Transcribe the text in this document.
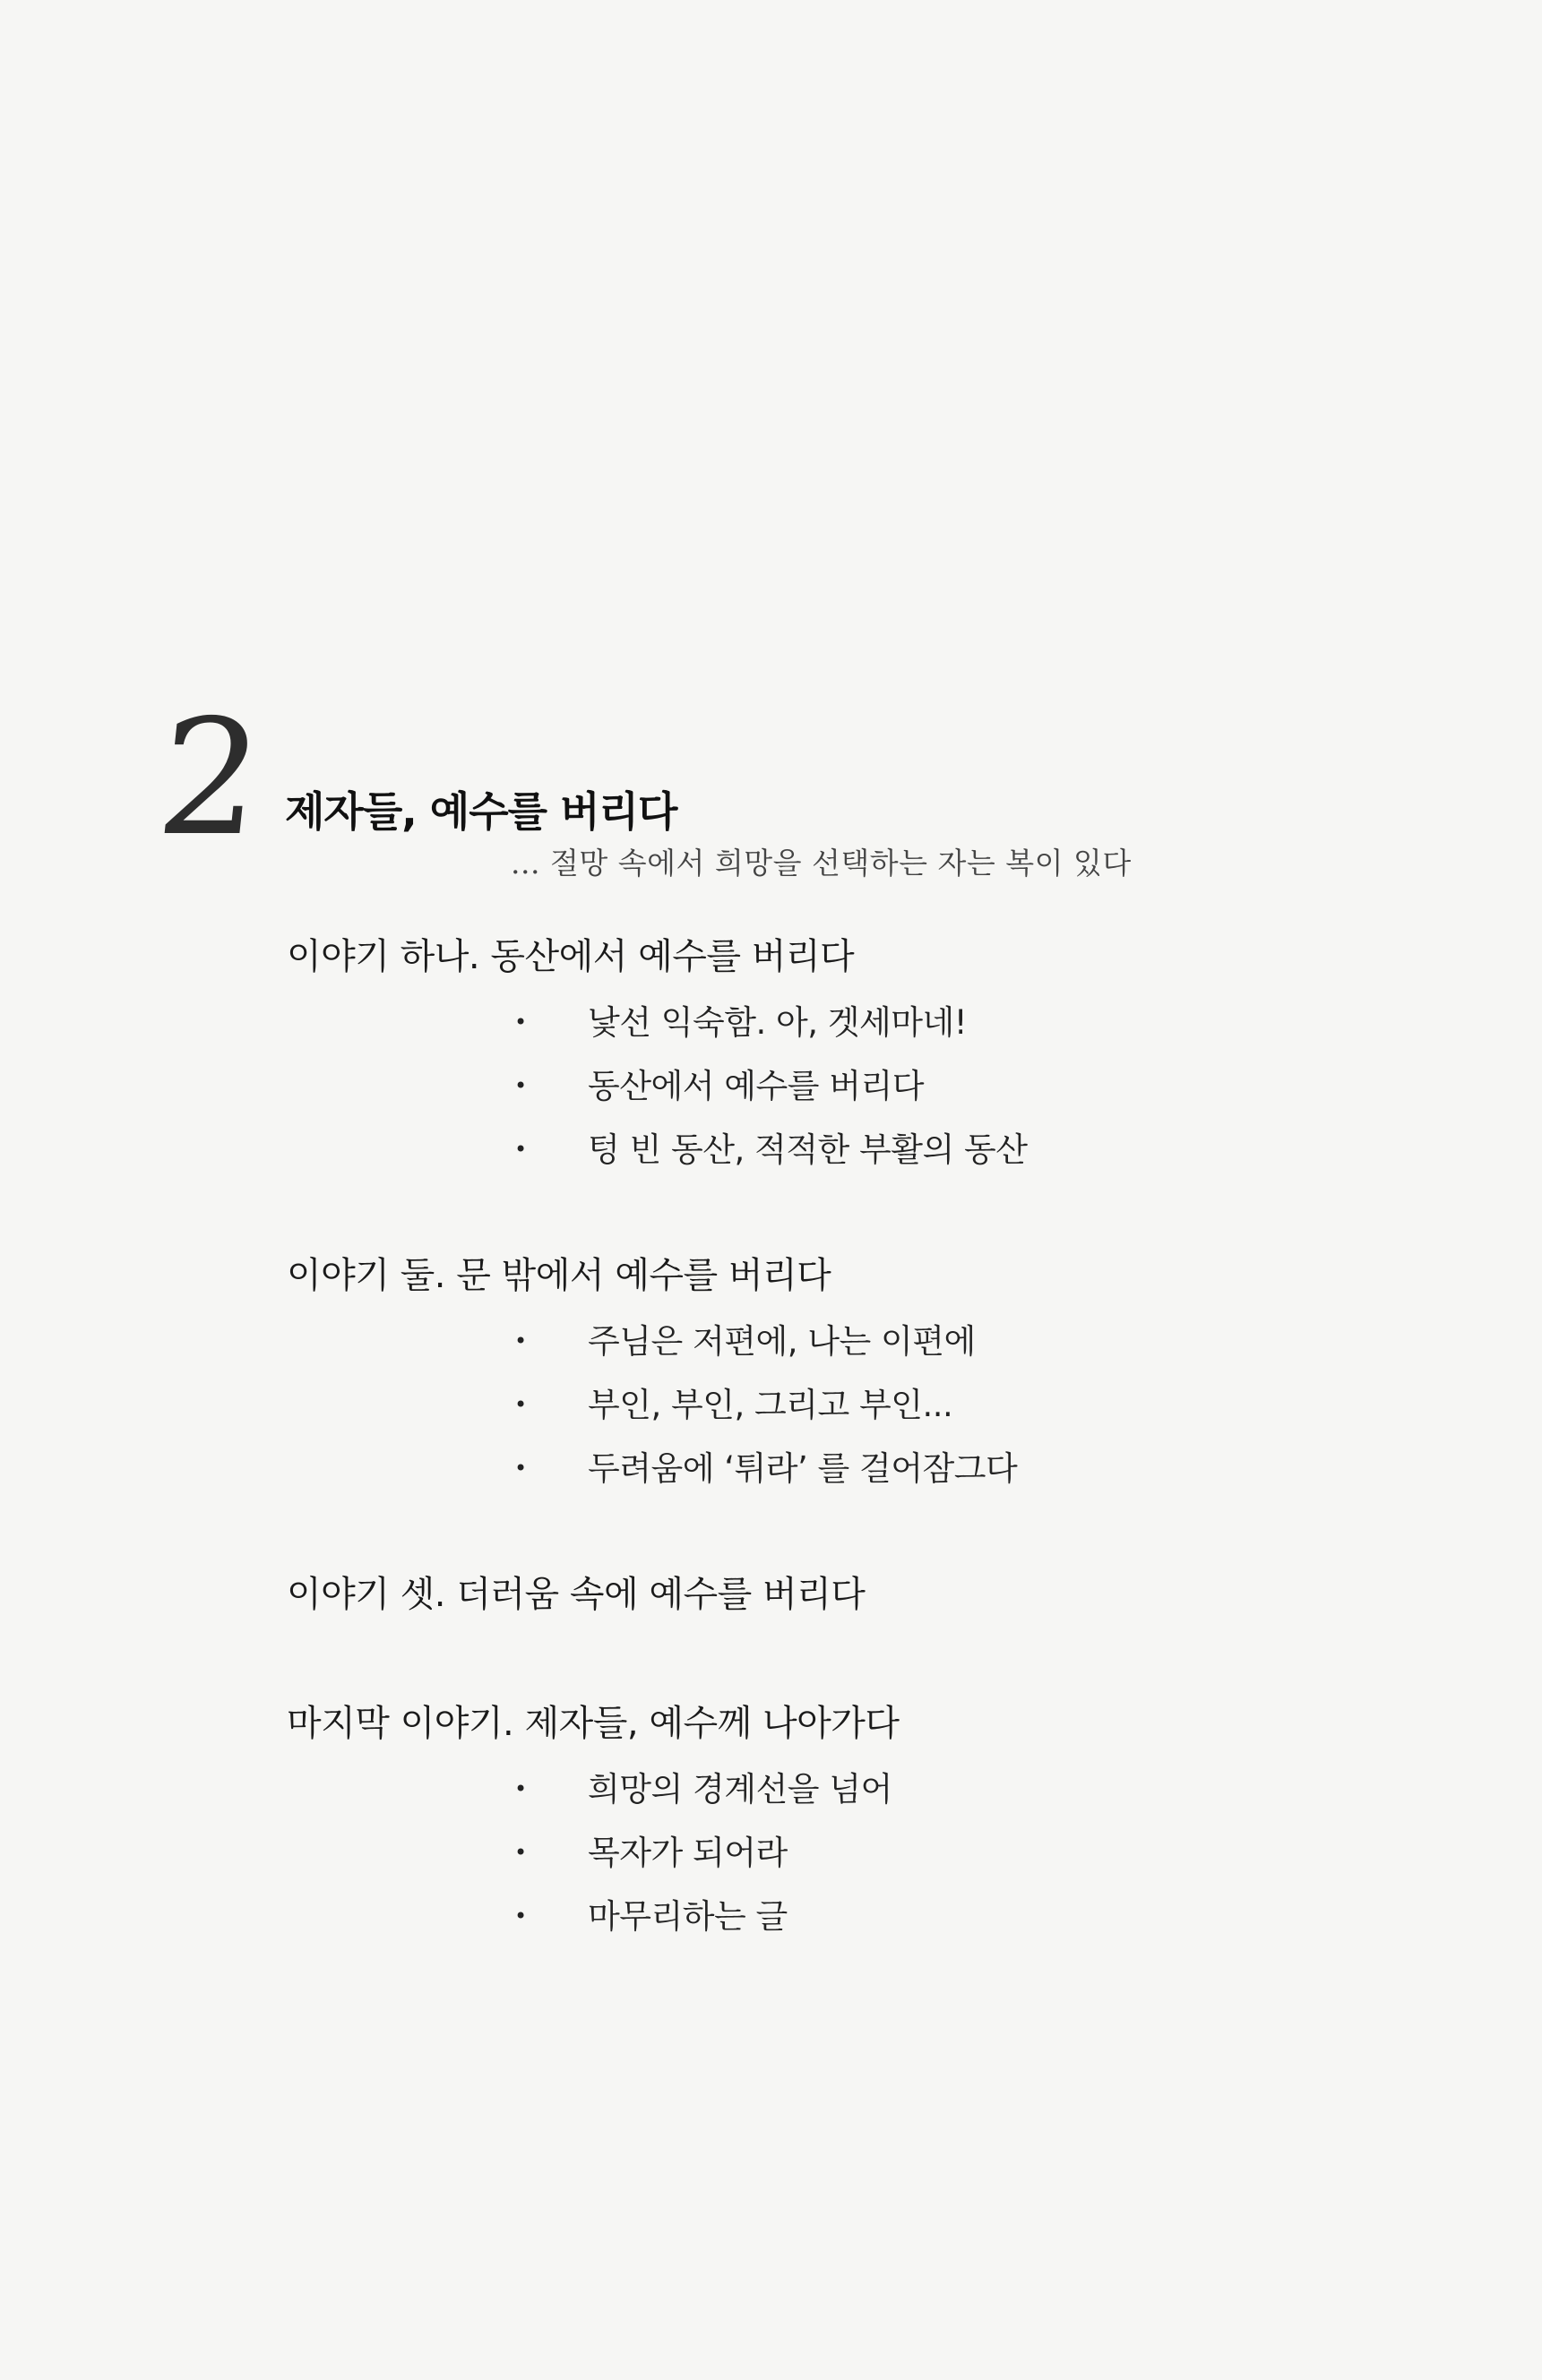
2 제자들, 예수를 버리다
... 절망 속에서 희망을 선택하는 자는 복이 있다
이야기 하나. 동산에서 예수를 버리다
• 낯선 익숙함. 아, 겟세마네!
• 동산에서 예수를 버리다
• 텅 빈 동산, 적적한 부활의 동산
이야기 둘. 문 밖에서 예수를 버리다
• 주님은 저편에, 나는 이편에
• 부인, 부인, 그리고 부인...
• 두려움에 ‘튀라’ 를 걸어잠그다
이야기 셋. 더러움 속에 예수를 버리다
마지막 이야기. 제자들, 예수께 나아가다
• 희망의 경계선을 넘어
• 목자가 되어라
• 마무리하는 글
